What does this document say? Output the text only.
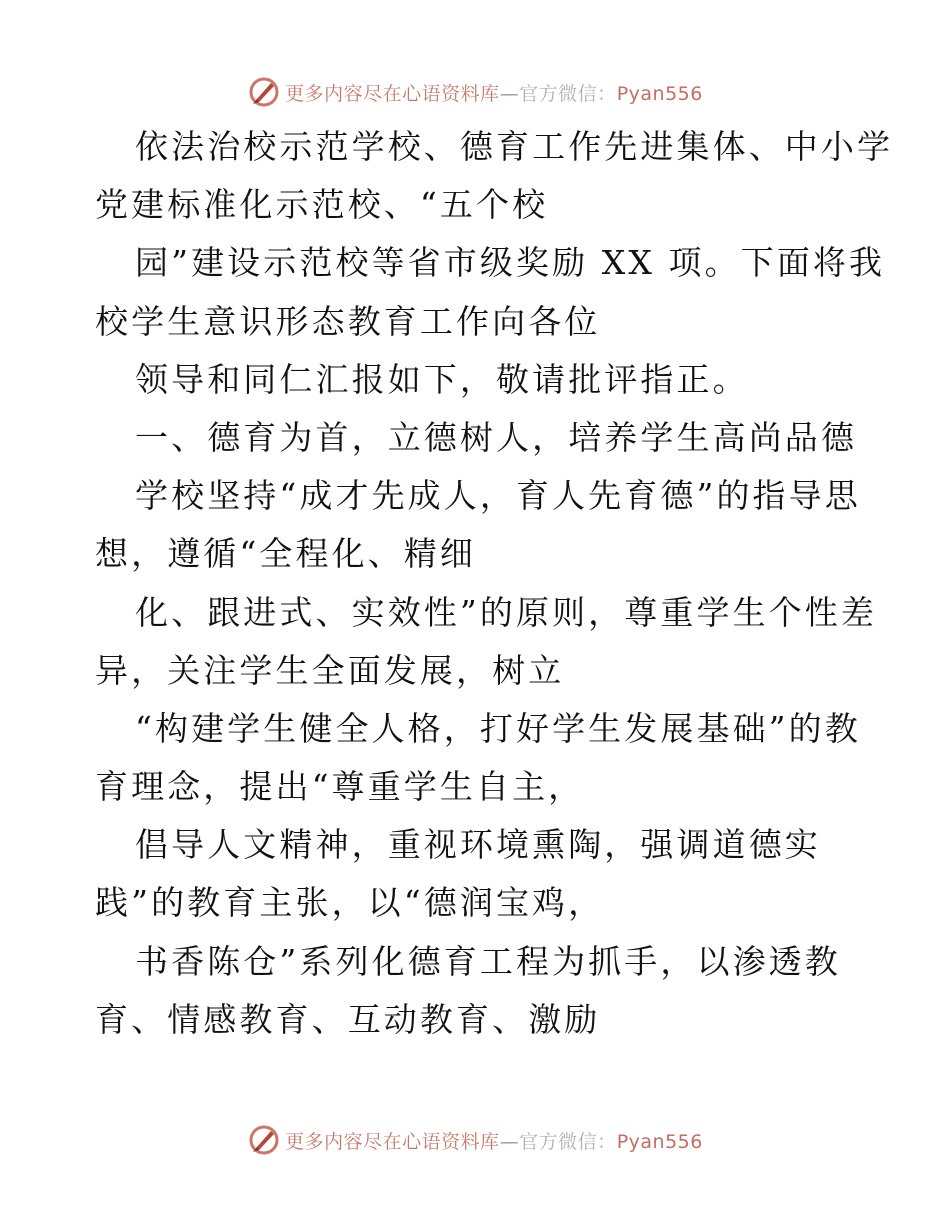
更多内容尽在心语资料库—官方微信：Pyan556
依法治校示范学校、德育工作先进集体、中小学
党建标准化示范校、“五个校
园”建设示范校等省市级奖励 XX 项。下面将我
校学生意识形态教育工作向各位
领导和同仁汇报如下，敬请批评指正。
一、德育为首，立德树人，培养学生高尚品德
学校坚持“成才先成人，育人先育德”的指导思
想，遵循“全程化、精细
化、跟进式、实效性”的原则，尊重学生个性差
异，关注学生全面发展，树立
“构建学生健全人格，打好学生发展基础”的教
育理念，提出“尊重学生自主，
倡导人文精神，重视环境熏陶，强调道德实
践”的教育主张，以“德润宝鸡，
书香陈仓”系列化德育工程为抓手，以渗透教
育、情感教育、互动教育、激励
更多内容尽在心语资料库—官方微信：Pyan556
